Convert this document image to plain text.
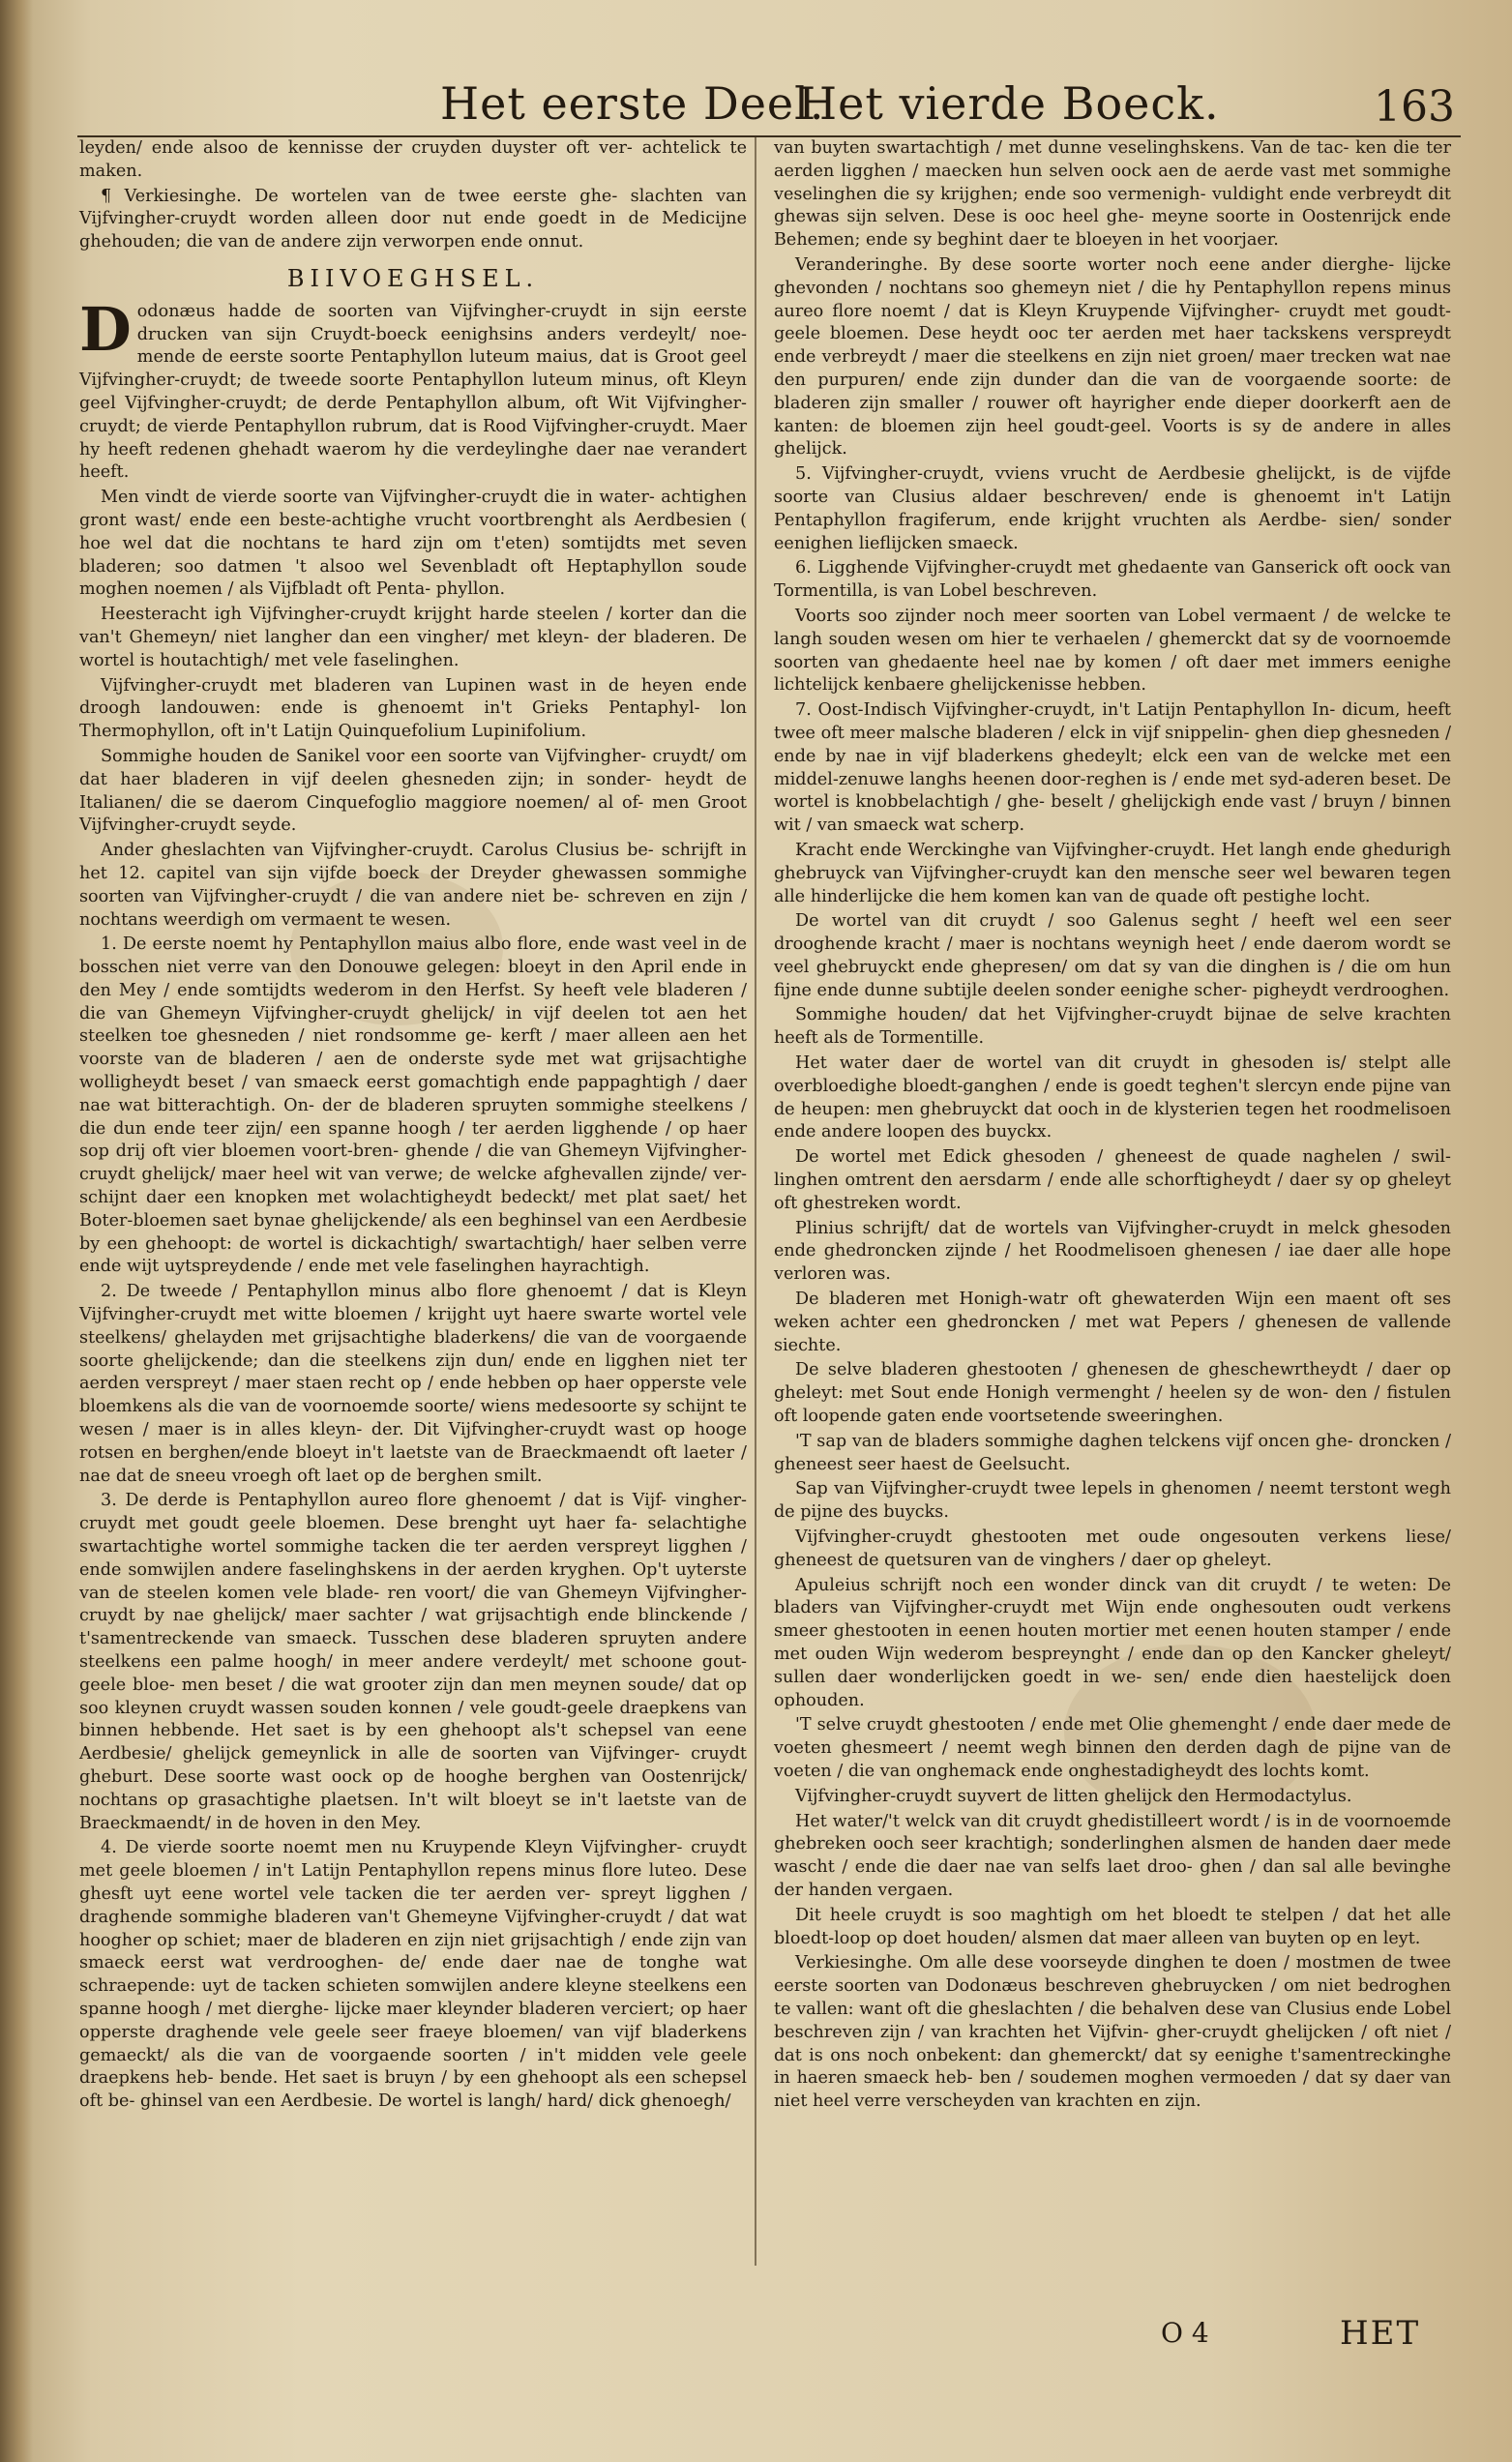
Het eerste Deel.
Het vierde Boeck.	163

leyden/ ende alsoo de kennisse der cruyden duyster oft ver- achtelick te maken.

¶ Verkiesinghe. De wortelen van de twee eerste ghe- slachten van Vijfvingher-cruydt worden alleen door nut ende goedt in de Medicijne ghehouden; die van de andere zijn verworpen ende onnut.

BIIVOEGHSEL.

Dodonæus hadde de soorten van Vijfvingher-cruydt in sijn eerste drucken van sijn Cruydt-boeck eenighsins anders verdeylt/ noe- mende de eerste soorte Pentaphyllon luteum maius, dat is Groot geel Vijfvingher-cruydt; de tweede soorte Pentaphyllon luteum minus, oft Kleyn geel Vijfvingher-cruydt; de derde Pentaphyllon album, oft Wit Vijfvingher-cruydt; de vierde Pentaphyllon rubrum, dat is Rood Vijfvingher-cruydt. Maer hy heeft redenen ghehadt waerom hy die verdeylinghe daer nae verandert heeft.

Men vindt de vierde soorte van Vijfvingher-cruydt die in water- achtighen gront wast/ ende een beste-achtighe vrucht voortbrenght als Aerdbesien ( hoe wel dat die nochtans te hard zijn om t'eten) somtijdts met seven bladeren; soo datmen 't alsoo wel Sevenbladt oft Heptaphyllon soude moghen noemen / als Vijfbladt oft Penta- phyllon.

Heesteracht igh Vijfvingher-cruydt krijght harde steelen / korter dan die van't Ghemeyn/ niet langher dan een vingher/ met kleyn- der bladeren. De wortel is houtachtigh/ met vele faselinghen.

Vijfvingher-cruydt met bladeren van Lupinen wast in de heyen ende droogh landouwen: ende is ghenoemt in't Grieks Pentaphyl- lon Thermophyllon, oft in't Latijn Quinquefolium Lupinifolium.

Sommighe houden de Sanikel voor een soorte van Vijfvingher- cruydt/ om dat haer bladeren in vijf deelen ghesneden zijn; in sonder- heydt de Italianen/ die se daerom Cinquefoglio maggiore noemen/ al of- men Groot Vijfvingher-cruydt seyde.

Ander gheslachten van Vijfvingher-cruydt. Carolus Clusius be- schrijft in het 12. capitel van sijn vijfde boeck der Dreyder ghewassen sommighe soorten van Vijfvingher-cruydt / die van andere niet be- schreven en zijn / nochtans weerdigh om vermaent te wesen.

1. De eerste noemt hy Pentaphyllon maius albo flore, ende wast veel in de bosschen niet verre van den Donouwe gelegen: bloeyt in den April ende in den Mey / ende somtijdts wederom in den Herfst. Sy heeft vele bladeren / die van Ghemeyn Vijfvingher-cruydt ghelijck/ in vijf deelen tot aen het steelken toe ghesneden / niet rondsomme ge- kerft / maer alleen aen het voorste van de bladeren / aen de onderste syde met wat grijsachtighe wolligheydt beset / van smaeck eerst gomachtigh ende pappaghtigh / daer nae wat bitterachtigh. On- der de bladeren spruyten sommighe steelkens / die dun ende teer zijn/ een spanne hoogh / ter aerden ligghende / op haer sop drij oft vier bloemen voort-bren- ghende / die van Ghemeyn Vijfvingher-cruydt ghelijck/ maer heel wit van verwe; de welcke afghevallen zijnde/ ver- schijnt daer een knopken met wolachtigheydt bedeckt/ met plat saet/ het Boter-bloemen saet bynae ghelijckende/ als een beghinsel van een Aerdbesie by een ghehoopt: de wortel is dickachtigh/ swartachtigh/ haer selben verre ende wijt uytspreydende / ende met vele faselinghen hayrachtigh.

2. De tweede / Pentaphyllon minus albo flore ghenoemt / dat is Kleyn Vijfvingher-cruydt met witte bloemen / krijght uyt haere swarte wortel vele steelkens/ ghelayden met grijsachtighe bladerkens/ die van de voorgaende soorte ghelijckende; dan die steelkens zijn dun/ ende en ligghen niet ter aerden verspreyt / maer staen recht op / ende hebben op haer opperste vele bloemkens als die van de voornoemde soorte/ wiens medesoorte sy schijnt te wesen / maer is in alles kleyn- der. Dit Vijfvingher-cruydt wast op hooge rotsen en berghen/ende bloeyt in't laetste van de Braeckmaendt oft laeter / nae dat de sneeu vroegh oft laet op de berghen smilt.

3. De derde is Pentaphyllon aureo flore ghenoemt / dat is Vijf- vingher-cruydt met goudt geele bloemen. Dese brenght uyt haer fa- selachtighe swartachtighe wortel sommighe tacken die ter aerden verspreyt ligghen / ende somwijlen andere faselinghskens in der aerden kryghen. Op't uyterste van de steelen komen vele blade- ren voort/ die van Ghemeyn Vijfvingher-cruydt by nae ghelijck/ maer sachter / wat grijsachtigh ende blinckende / t'samentreckende van smaeck. Tusschen dese bladeren spruyten andere steelkens een palme hoogh/ in meer andere verdeylt/ met schoone gout-geele bloe- men beset / die wat grooter zijn dan men meynen soude/ dat op soo kleynen cruydt wassen souden konnen / vele goudt-geele draepkens van binnen hebbende. Het saet is by een ghehoopt als't schepsel van eene Aerdbesie/ ghelijck gemeynlick in alle de soorten van Vijfvinger- cruydt gheburt. Dese soorte wast oock op de hooghe berghen van Oostenrijck/ nochtans op grasachtighe plaetsen. In't wilt bloeyt se in't laetste van de Braeckmaendt/ in de hoven in den Mey.

4. De vierde soorte noemt men nu Kruypende Kleyn Vijfvingher- cruydt met geele bloemen / in't Latijn Pentaphyllon repens minus flore luteo. Dese ghesft uyt eene wortel vele tacken die ter aerden ver- spreyt ligghen / draghende sommighe bladeren van't Ghemeyne Vijfvingher-cruydt / dat wat hoogher op schiet; maer de bladeren en zijn niet grijsachtigh / ende zijn van smaeck eerst wat verdrooghen- de/ ende daer nae de tonghe wat schraepende: uyt de tacken schieten somwijlen andere kleyne steelkens een spanne hoogh / met dierghe- lijcke maer kleynder bladeren verciert; op haer opperste draghende vele geele seer fraeye bloemen/ van vijf bladerkens gemaeckt/ als die van de voorgaende soorten / in't midden vele geele draepkens heb- bende. Het saet is bruyn / by een ghehoopt als een schepsel oft be- ghinsel van een Aerdbesie. De wortel is langh/ hard/ dick ghenoegh/

van buyten swartachtigh / met dunne veselinghskens. Van de tac- ken die ter aerden ligghen / maecken hun selven oock aen de aerde vast met sommighe veselinghen die sy krijghen; ende soo vermenigh- vuldight ende verbreydt dit ghewas sijn selven. Dese is ooc heel ghe- meyne soorte in Oostenrijck ende Behemen; ende sy beghint daer te bloeyen in het voorjaer.

Veranderinghe. By dese soorte worter noch eene ander dierghe- lijcke ghevonden / nochtans soo ghemeyn niet / die hy Pentaphyllon repens minus aureo flore noemt / dat is Kleyn Kruypende Vijfvingher- cruydt met goudt-geele bloemen. Dese heydt ooc ter aerden met haer tackskens verspreydt ende verbreydt / maer die steelkens en zijn niet groen/ maer trecken wat nae den purpuren/ ende zijn dunder dan die van de voorgaende soorte: de bladeren zijn smaller / rouwer oft hayrigher ende dieper doorkerft aen de kanten: de bloemen zijn heel goudt-geel. Voorts is sy de andere in alles ghelijck.

5. Vijfvingher-cruydt, vviens vrucht de Aerdbesie ghelijckt, is de vijfde soorte van Clusius aldaer beschreven/ ende is ghenoemt in't Latijn Pentaphyllon fragiferum, ende krijght vruchten als Aerdbe- sien/ sonder eenighen lieflijcken smaeck.

6. Ligghende Vijfvingher-cruydt met ghedaente van Ganserick oft oock van Tormentilla, is van Lobel beschreven.

Voorts soo zijnder noch meer soorten van Lobel vermaent / de welcke te langh souden wesen om hier te verhaelen / ghemerckt dat sy de voornoemde soorten van ghedaente heel nae by komen / oft daer met immers eenighe lichtelijck kenbaere ghelijckenisse hebben.

7. Oost-Indisch Vijfvingher-cruydt, in't Latijn Pentaphyllon In- dicum, heeft twee oft meer malsche bladeren / elck in vijf snippelin- ghen diep ghesneden / ende by nae in vijf bladerkens ghedeylt; elck een van de welcke met een middel-zenuwe langhs heenen door-reghen is / ende met syd-aderen beset. De wortel is knobbelachtigh / ghe- beselt / ghelijckigh ende vast / bruyn / binnen wit / van smaeck wat scherp.

Kracht ende Werckinghe van Vijfvingher-cruydt. Het langh ende ghedurigh ghebruyck van Vijfvingher-cruydt kan den mensche seer wel bewaren tegen alle hinderlijcke die hem komen kan van de quade oft pestighe locht.

De wortel van dit cruydt / soo Galenus seght / heeft wel een seer drooghende kracht / maer is nochtans weynigh heet / ende daerom wordt se veel ghebruyckt ende ghepresen/ om dat sy van die dinghen is / die om hun fijne ende dunne subtijle deelen sonder eenighe scher- pigheydt verdrooghen.

Sommighe houden/ dat het Vijfvingher-cruydt bijnae de selve krachten heeft als de Tormentille.

Het water daer de wortel van dit cruydt in ghesoden is/ stelpt alle overbloedighe bloedt-ganghen / ende is goedt teghen't slercyn ende pijne van de heupen: men ghebruyckt dat ooch in de klysterien tegen het roodmelisoen ende andere loopen des buyckx.

De wortel met Edick ghesoden / gheneest de quade naghelen / swil- linghen omtrent den aersdarm / ende alle schorftigheydt / daer sy op gheleyt oft ghestreken wordt.

Plinius schrijft/ dat de wortels van Vijfvingher-cruydt in melck ghesoden ende ghedroncken zijnde / het Roodmelisoen ghenesen / iae daer alle hope verloren was.

De bladeren met Honigh-watr oft ghewaterden Wijn een maent oft ses weken achter een ghedroncken / met wat Pepers / ghenesen de vallende siechte.

De selve bladeren ghestooten / ghenesen de gheschewrtheydt / daer op gheleyt: met Sout ende Honigh vermenght / heelen sy de won- den / fistulen oft loopende gaten ende voortsetende sweeringhen.

'T sap van de bladers sommighe daghen telckens vijf oncen ghe- droncken / gheneest seer haest de Geelsucht.

Sap van Vijfvingher-cruydt twee lepels in ghenomen / neemt terstont wegh de pijne des buycks.

Vijfvingher-cruydt ghestooten met oude ongesouten verkens liese/ gheneest de quetsuren van de vinghers / daer op gheleyt.

Apuleius schrijft noch een wonder dinck van dit cruydt / te weten: De bladers van Vijfvingher-cruydt met Wijn ende onghesouten oudt verkens smeer ghestooten in eenen houten mortier met eenen houten stamper / ende met ouden Wijn wederom bespreynght / ende dan op den Kancker gheleyt/ sullen daer wonderlijcken goedt in we- sen/ ende dien haestelijck doen ophouden.

'T selve cruydt ghestooten / ende met Olie ghemenght / ende daer mede de voeten ghesmeert / neemt wegh binnen den derden dagh de pijne van de voeten / die van onghemack ende onghestadigheydt des lochts komt.

Vijfvingher-cruydt suyvert de litten ghelijck den Hermodactylus.

Het water/'t welck van dit cruydt ghedistilleert wordt / is in de voornoemde ghebreken ooch seer krachtigh; sonderlinghen alsmen de handen daer mede wascht / ende die daer nae van selfs laet droo- ghen / dan sal alle bevinghe der handen vergaen.

Dit heele cruydt is soo maghtigh om het bloedt te stelpen / dat het alle bloedt-loop op doet houden/ alsmen dat maer alleen van buyten op en leyt.

Verkiesinghe. Om alle dese voorseyde dinghen te doen / mostmen de twee eerste soorten van Dodonæus beschreven ghebruycken / om niet bedroghen te vallen: want oft die gheslachten / die behalven dese van Clusius ende Lobel beschreven zijn / van krachten het Vijfvin- gher-cruydt ghelijcken / oft niet / dat is ons noch onbekent: dan ghemerckt/ dat sy eenighe t'samentreckinghe in haeren smaeck heb- ben / soudemen moghen vermoeden / dat sy daer van niet heel verre verscheyden van krachten en zijn.

O 4	HET
